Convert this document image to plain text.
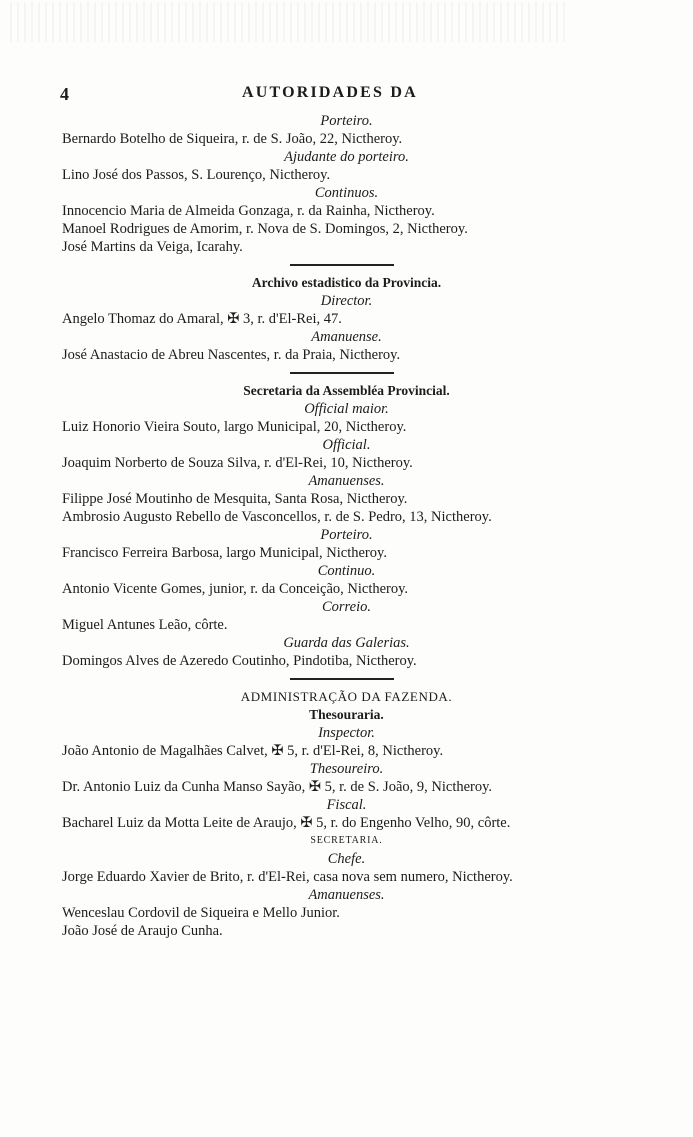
4	AUTORIDADES DA
Porteiro.
Bernardo Botelho de Siqueira, r. de S. João, 22, Nictheroy.
Ajudante do porteiro.
Lino José dos Passos, S. Lourenço, Nictheroy.
Continuos.
Innocencio Maria de Almeida Gonzaga, r. da Rainha, Nictheroy.
Manoel Rodrigues de Amorim, r. Nova de S. Domingos, 2, Nictheroy.
José Martins da Veiga, Icarahy.
Archivo estadistico da Provincia.
Director.
Angelo Thomaz do Amaral, ✠ 3, r. d'El-Rei, 47.
Amanuense.
José Anastacio de Abreu Nascentes, r. da Praia, Nictheroy.
Secretaria da Assembléa Provincial.
Official maior.
Luiz Honorio Vieira Souto, largo Municipal, 20, Nictheroy.
Official.
Joaquim Norberto de Souza Silva, r. d'El-Rei, 10, Nictheroy.
Amanuenses.
Filippe José Moutinho de Mesquita, Santa Rosa, Nictheroy.
Ambrosio Augusto Rebello de Vasconcellos, r. de S. Pedro, 13, Nictheroy.
Porteiro.
Francisco Ferreira Barbosa, largo Municipal, Nictheroy.
Continuo.
Antonio Vicente Gomes, junior, r. da Conceição, Nictheroy.
Correio.
Miguel Antunes Leão, côrte.
Guarda das Galerias.
Domingos Alves de Azeredo Coutinho, Pindotiba, Nictheroy.
ADMINISTRAÇÃO DA FAZENDA.
Thesouraria.
Inspector.
João Antonio de Magalhães Calvet, ✠ 5, r. d'El-Rei, 8, Nictheroy.
Thesoureiro.
Dr. Antonio Luiz da Cunha Manso Sayão, ✠ 5, r. de S. João, 9, Nictheroy.
Fiscal.
Bacharel Luiz da Motta Leite de Araujo, ✠ 5, r. do Engenho Velho, 90, côrte.
SECRETARIA.
Chefe.
Jorge Eduardo Xavier de Brito, r. d'El-Rei, casa nova sem numero, Nictheroy.
Amanuenses.
Wenceslau Cordovil de Siqueira e Mello Junior.
João José de Araujo Cunha.
